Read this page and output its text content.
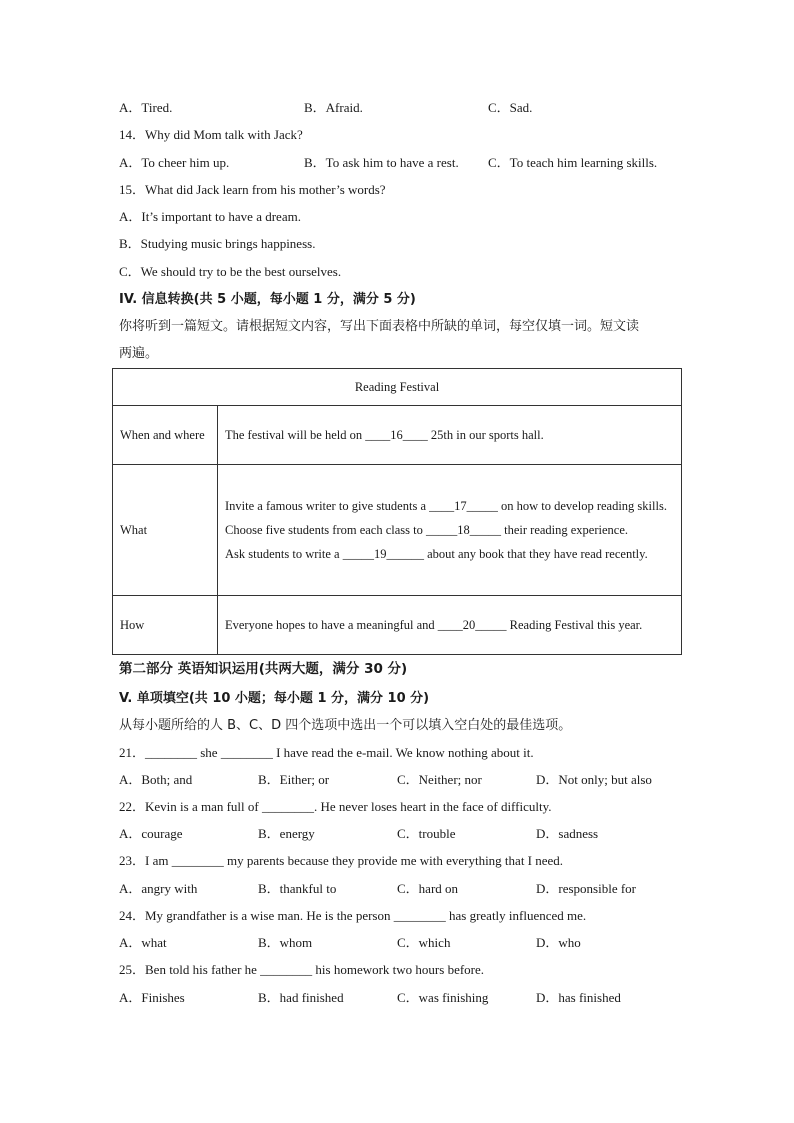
A．Tired.	B．Afraid.	C．Sad.
14．Why did Mom talk with Jack?
A．To cheer him up.	B．To ask him to have a rest. C．To teach him learning skills.
15．What did Jack learn from his mother’s words?
A．It’s important to have a dream.
B．Studying music brings happiness.
C．We should try to be the best ourselves.
IV. 信息转换(共 5 小题，每小题 1 分，满分 5 分)
你将听到一篇短文。请根据短文内容，写出下面表格中所缺的单词，每空仅填一词。短文读
两遍。
Reading Festival	
When and where	The festival will be held on ____16____ 25th in our sports hall.
What	Invite a famous writer to give students a ____17_____ on how to develop reading skills.
Choose five students from each class to _____18_____ their reading experience.
Ask students to write a _____19______ about any book that they have read recently.

How	Everyone hopes to have a meaningful and ____20_____ Reading Festival this year.
第二部分 英语知识运用(共两大题，满分 30 分)
V. 单项填空(共 10 小题；每小题 1 分，满分 10 分)
从每小题所给的人 B、C、D 四个选项中选出一个可以填入空白处的最佳选项。
21．________ she ________ I have read the e-mail. We know nothing about it.
A．Both; and	B．Either; or	C．Neither; nor	D．Not only; but also
22．Kevin is a man full of ________. He never loses heart in the face of difficulty.
A．courage	B．energy	C．trouble	D．sadness
23．I am ________ my parents because they provide me with everything that I need.
A．angry with	B．thankful to	C．hard on	D．responsible for
24．My grandfather is a wise man. He is the person ________ has greatly influenced me.
A．what	B．whom	C．which	D．who
25．Ben told his father he ________ his homework two hours before.
A．Finishes	B．had finished	C．was finishing	D．has finished
